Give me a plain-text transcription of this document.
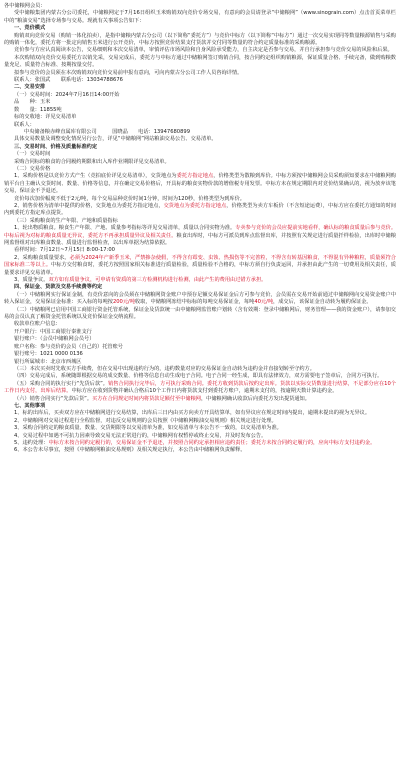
各中储粮网会员：

受中储粮集团内蒙古分公司委托，中储粮网定于7月16日组织玉米购销双向竞价专场交易，有意向的会员请登录“中储粮网”（www.sinograin.com）点击首页菜单栏中的“粮油交易”选择专场参与交易。现就有关事项公告如下：

一、竞价模式

购销双向竞价交易（购销一体化拍卖），是指中储粮内蒙古分公司（以下简称“委托方”）与竞价中标方（以下简称“中标方”）通过一次交易实现同等数量粮源销售与采购的购销一体化，委托方将一批定向销售玉米进行公开竞价，中标方按照竞价结果支付货款并交付同等数量的符合约定质量标准的采购粮源。

竞价参与方应认真阅读本公告，交易细则和本次交易清单，审慎评估市场风险和自身风险承受能力，自主决定是否参与交易，并自行承担参与竞价交易的风险和后果。

本次购销双向竞价交易委托方以销先采，交易完成后，委托方与中标方通过中储粮网签订购销合同，按合同约定组织购销粮源，保证质量合格、手续完备，做到购粮数量充足、质量符合标准、按期按量交付。

拟参与竞价的会员须在本次购销双向竞价交易前申报有意向，可向内蒙古分公司工作人员咨询详情。

联系人：张国武　　联系电话：13034788676

二、交易安排

（一）交易时间：2024年7月16日14:00开始

品　　种：玉米

数　　量：11855吨

标的交收地：详见交易清单

联系人：

中央储备粮赤峰直属库有限公司　　　国晓晶　　电话：13947680899

具体交易数量及调整变化情况另行公告，详见“中储粮网”网站粮油交易公告、交易清单。

三、交易时间、价格及质量标准约定

（一）交易时间

采购合同标的粮食的合同履约期限和出入库作业期限详见交易清单。

（二）交易价格

1、采购价格是以竞价方式产生（竞拍底价详见交易清单），交货地点为委托方指定地点，价格类型为散粮到库价。中标方须按中储粮网会员采购须知要求在中储粮网购销平台自主确认交货时间、数量、价格等信息，并在确定交易价格后，开具标的粮食实物价款的增值税专用发票。中标方未在规定期限内对竞价结果确认的，视为放弃该笔交易，保证金不予退还。

竞价每次加价幅度不低于2元/吨，每个交易品种竞价时间1分钟，时间为120秒，价格类型为到库价。

2、销售价格为清单中提供的价格，交货地点为委托方指定地点，交货地点为委托方指定地点，价格类型为卖方车板价（不含短途运费），中标方应在委托方通知的时间内到委托方指定库点提货。

（三）采购粮食的生产年限、产地和质量指标

1、轮出物质粮食。粮食生产年限、产地、质量参考指标等详见交易清单，质量以合同实物为准。专卖参与竞价的会员应提前实地看样，确认标的粮食质量后参与竞价。中标后视为对标的粮食质量无异议，委托方不再承担质量异议及相关责任。粮食出库时，中标方可派员到库点监督出库，并按照有关规定进行质量扦样检验，出库时中储粮网监督组对出库粮食数量、质量进行监督检查，以出库单据为结算依据。

看样时间：7月12日~7月15日 8:00-17:00

2、采购粮食质量要求。必须为2024年产新季玉米，严禁掺杂使假，不得含有霉变、虫蚀、热损伤等不完善粒，不得含有转基因粮食，不得混有异种粮粒，质量须符合国家标准二等以上。中标方交付粮食时，委托方按照国家相关标准进行质量检验，质量检验不合格的，中标方须自行负责运回，并承担由此产生的一切费用及相关责任，质量要求详见交易清单。

3、质量争议。双方如有质量争议，可申请有资质的第三方检测机构进行检测，由此产生的费用由过错方承担。

四、保证金、货款及交易手续费等约定

（一）中储粮网实行保证金制，有竞价意向的会员须在中储粮网资金账户中预存足额交易保证金后方可参与竞价，会员需在交易开始前通过中储粮网向交易资金账户中转入保证金，交易保证金标准：买入标的每吨按200元/吨收取，中储粮网冻结中标标的每吨交易保证金，每吨40元/吨，成交后，该保证金自动转为履约保证金。

（二）中储粮网已启用中国工商银行资金托管系统，保证金及货款统一由中储粮网监管账户划转（含有效期：登录中储粮网后，财务管理——我的资金账户），请参加交易的会员认真了解资金托管系统以及竞价保证金交纳流程。

收款单位账户信息：

开户银行：中国工商银行秦淮支行

银行账户：（会员中储粮网会员号）

账户名称：参与竞价的会员（自己的）托管账号

银行账号：1021 0000 0136

银行所属城市：北京市西城区

（三）本次买卖时先收买方手续费，但在交易中出现违约行为的，违约数量对应的交易保证金自动转为违约金并直接划转至守约方。

（四）交易完成后，系统随即根据交易的成交数量、价格等信息自动生成电子合同。电子合同一经生成，即具有法律效力，双方需要电子签章后，合同方可执行。

（五）采购合同的执行实行“先货后款”。销售合同执行完毕后，方可执行采购合同。委托方收到货款后按约定出库。货款以实际交货数量进行结算，不足部分应在10个工作日内支付，出库后结算。中标方应在收到货物并确认合格后10个工作日内将货款支付到委托方账户，逾期未支付的，按逾期天数计算违约金。

（六）销售合同实行“先款后货”。买方在合同规定时间内将货款足额付至中储粮网，中储粮网确认收款后向委托方发出提货通知。

七、其他事项

1、标的出库后，买卖双方应在中储粮网进行交易结算，出库后三日内由买方向卖方开具结算单，如有异议应在规定时间内提出，逾期未提出的视为无异议。

2、中储粮网对交易过程进行全程监督，对违反交易规则的会员按照《中储粮网粮油交易规则》相关规定进行处理。

3、采购合同约定的粮食质量、数量、交货期限等以交易清单为准，如交易清单与本公告不一致的，以交易清单为准。

4、交易过程中如遇不可抗力因素导致交易无法正常进行的，中储粮网有权暂停或终止交易，并及时发布公告。

5、违约处理：中标方未按合同约定履行的，交易保证金不予退还，并按照合同约定承担相应违约责任；委托方未按合同约定履行的，应向中标方支付违约金。

6、本公告未尽事宜，按照《中储粮网粮油交易规则》及相关规定执行，本公告由中储粮网负责解释。
